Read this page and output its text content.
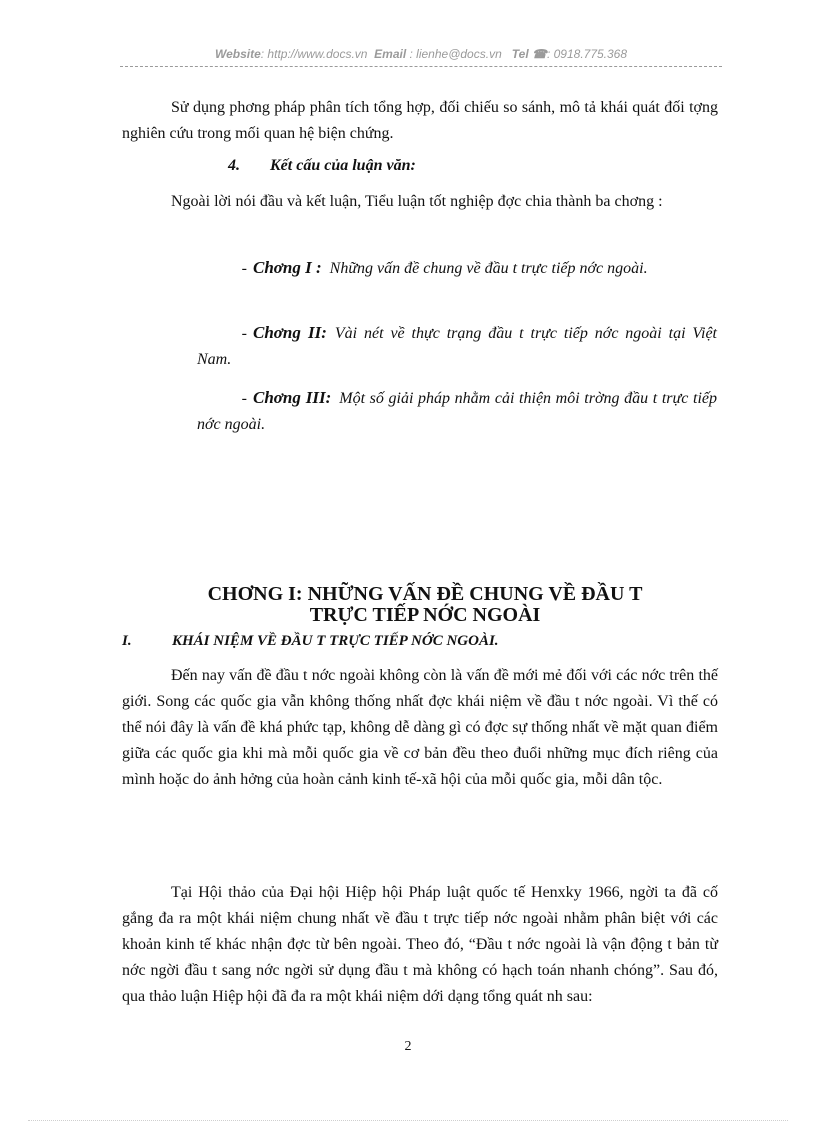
Website: http://www.docs.vn Email : lienhe@docs.vn Tel ☎: 0918.775.368
Sử dụng phơng pháp phân tích tổng hợp, đối chiếu so sánh, mô tả khái quát đối tợng nghiên cứu trong mối quan hệ biện chứng.
4. Kết cấu của luận văn:
Ngoài lời nói đầu và kết luận, Tiểu luận tốt nghiệp đợc chia thành ba chơng :
- Chơng I : Những vấn đề chung về đầu t trực tiếp nớc ngoài.
- Chơng II: Vài nét về thực trạng đầu t trực tiếp nớc ngoài tại Việt Nam.
- Chơng III: Một số giải pháp nhằm cải thiện môi trờng đầu t trực tiếp nớc ngoài.
CHƠNG I: NHỮNG VẤN ĐỀ CHUNG VỀ ĐẦU T
TRỰC TIẾP NỚC NGOÀI
I.	KHÁI NIỆM VỀ ĐẦU T TRỰC TIẾP NỚC NGOÀI.
Đến nay vấn đề đầu t nớc ngoài không còn là vấn đề mới mẻ đối với các nớc trên thế giới. Song các quốc gia vẫn không thống nhất đợc khái niệm về đầu t nớc ngoài. Vì thế có thể nói đây là vấn đề khá phức tạp, không dễ dàng gì có đợc sự thống nhất về mặt quan điểm giữa các quốc gia khi mà mỗi quốc gia về cơ bản đều theo đuổi những mục đích riêng của mình hoặc do ảnh hởng của hoàn cảnh kinh tế-xã hội của mỗi quốc gia, mỗi dân tộc.
Tại Hội thảo của Đại hội Hiệp hội Pháp luật quốc tế Henxky 1966, ngời ta đã cố gắng đa ra một khái niệm chung nhất về đầu t trực tiếp nớc ngoài nhằm phân biệt với các khoản kinh tế khác nhận đợc từ bên ngoài. Theo đó, “Đầu t nớc ngoài là vận động t bản từ nớc ngời đầu t sang nớc ngời sử dụng đầu t mà không có hạch toán nhanh chóng”. Sau đó, qua thảo luận Hiệp hội đã đa ra một khái niệm dới dạng tổng quát nh sau:
2
